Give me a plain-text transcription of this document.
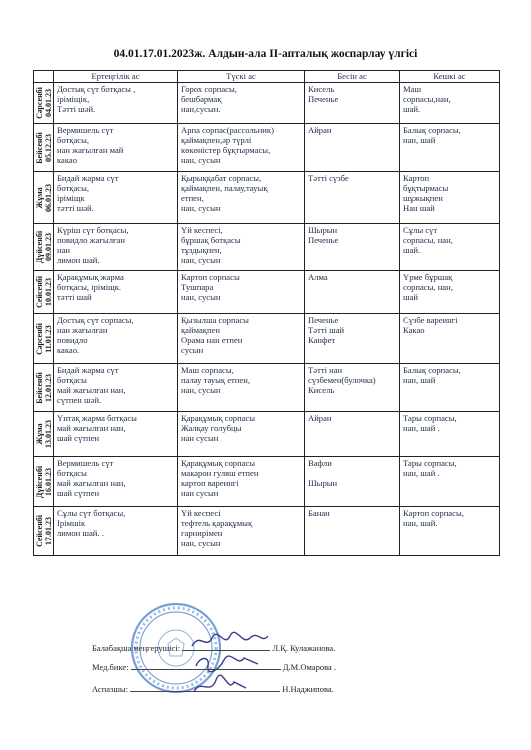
04.01.17.01.2023ж. Алдын-ала ІІ-апталық жоспарлау үлгісі
	Ертеңгілік ас	Түскі ас	Бесін ас	Кешкі ас

Сәрсенбі
04.01.23	Достық сүт ботқасы ,
іріміщік,
Тәтті шәй.	Горох сорпасы,
бешбармақ
нан,сусын.	Кисель
Печенье	Маш
сорпасы,нан,
шай.

Бейсенбі
05.12.23	Вермишель сүт
ботқасы,
нан жағылған май
какао	Арпа сорпас(рассольник)
қаймақпен,әр түрлі
көкөністер бұқтырмасы,
нан, сусын	Айран	Балық сорпасы,
нан, шай

Жұма
06.01.23	Бидай жарма сүт
ботқасы,
іріміщк
тәтті шәй.	Қырыққабат сорпасы,
қаймақпен, палау,тауық
етпен,
нан, сусын	Тәтті сүзбе	Картоп
бұқтырмасы
шұжықпен
Нан шай

Дүйсенбі
09.01.23	Күріш сүт ботқасы,
повидло жағылған
нан
лимон шай.	Үй кеспесі,
бұршақ ботқасы
тұздықпен,
нан, сусын	Шырын
Печенье	Сұлы сүт
сорпасы, нан,
шай.

Сейсенбі
10.01.23	Қарақұмық жарма
ботқасы, іріміщк.
тәтті шай	Картоп сорпасы
Тушпара
нан, сусын	Алма	Үрме бұршақ
сорпасы, нан,
шай

Сәрсенбі
11.01.23	Достық сүт сорпасы,
нан жағылған
повидло
какао.	Қызылша сорпасы
қаймақпен
Орама нан етпен
сусын	Печенье
Тәтті шай
Канфет	Сүзбе вареингі
Какао

Бейсенбі
12.01.23	Бидай жарма сүт
ботқасы
май жағылған нан,
сүтпен шәй.	Маш сорпасы,
палау тауық етпен,
нан, сусын	Тәтті нан
сүзбемен(булочка)
Кисель	Балық сорпасы,
нан, шай

Жұма
13.01.23	Үнтақ жарма ботқасы
май жағылған нан,
шай сүтпен	Қарақұмық сорпасы
Жалқау голубцы
нан сусын	Айран	Тары сорпасы,
нан, шай .

Дүйсенбі
16.01.23	Вермишель сүт
ботқасы
май жағылған нан,
шай сүтпен	Қарақұмық сорпасы
макарон гуляш етпен
картоп вареингі
нан сусын	Вафли

Шырын	Тары сорпасы,
нан, шай .

Сейсенбі
17.01.23	Сұлы сүт ботқасы,
Ірімшік
лимон шай. .	Үй кеспесі
тефтель қарақұмық
гарнирімен
нан, сусын	Банан	Картоп сорпасы,
нан, шай.
Балабақша меңгерушісі:	Л.Қ. Кулажанова.
Мед.бике:	Д.М.Омарова .
Аспазшы:	Н.Наджипова.
